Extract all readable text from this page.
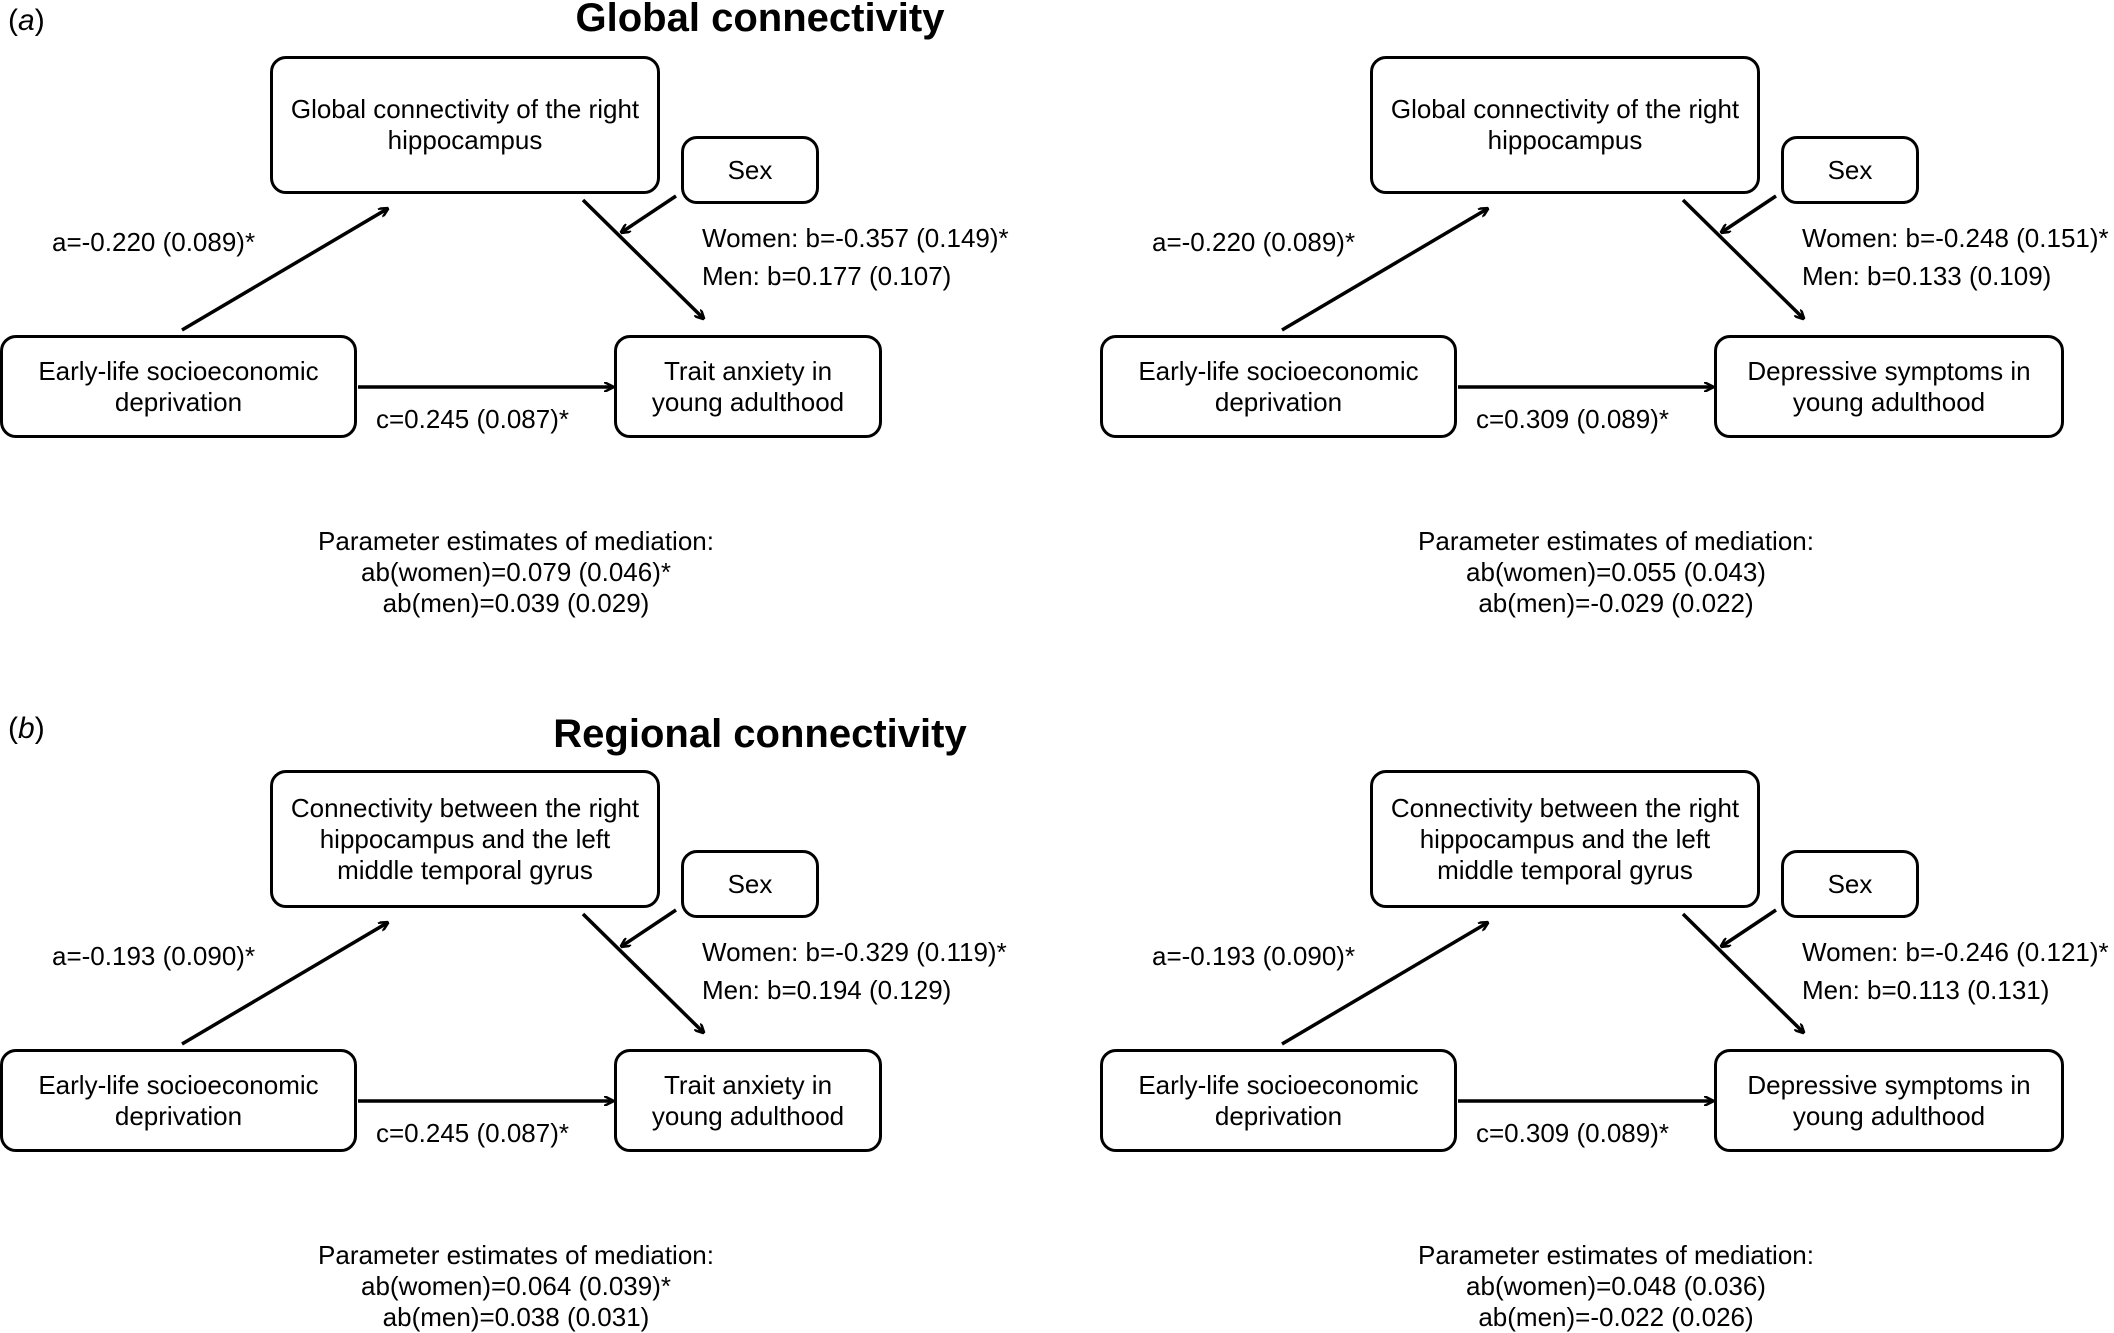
(a)	Global connectivity
Global connectivity of the right
hippocampus
Sex
Early-life socioeconomic
deprivation
Trait anxiety in
young adulthood
a=-0.220 (0.089)*	Women: b=-0.357 (0.149)*
Men: b=0.177 (0.107)
c=0.245 (0.087)*
Parameter estimates of mediation:
ab(women)=0.079 (0.046)*
ab(men)=0.039 (0.029)
Global connectivity of the right
hippocampus
Sex
Early-life socioeconomic
deprivation
Depressive symptoms in
young adulthood
a=-0.220 (0.089)*	Women: b=-0.248 (0.151)*
Men: b=0.133 (0.109)
c=0.309 (0.089)*
Parameter estimates of mediation:
ab(women)=0.055 (0.043)
ab(men)=-0.029 (0.022)
(b)	Regional connectivity
Connectivity between the right
hippocampus and the left
middle temporal gyrus	Sex
Early-life socioeconomic
deprivation
Trait anxiety in
young adulthood
a=-0.193 (0.090)*	Women: b=-0.329 (0.119)*
Men: b=0.194 (0.129)
c=0.245 (0.087)*
Parameter estimates of mediation:
ab(women)=0.064 (0.039)*
ab(men)=0.038 (0.031)
Connectivity between the right
hippocampus and the left
middle temporal gyrus	Sex
Early-life socioeconomic
deprivation
Depressive symptoms in
young adulthood
a=-0.193 (0.090)*	Women: b=-0.246 (0.121)*
Men: b=0.113 (0.131)
c=0.309 (0.089)*
Parameter estimates of mediation:
ab(women)=0.048 (0.036)
ab(men)=-0.022 (0.026)
